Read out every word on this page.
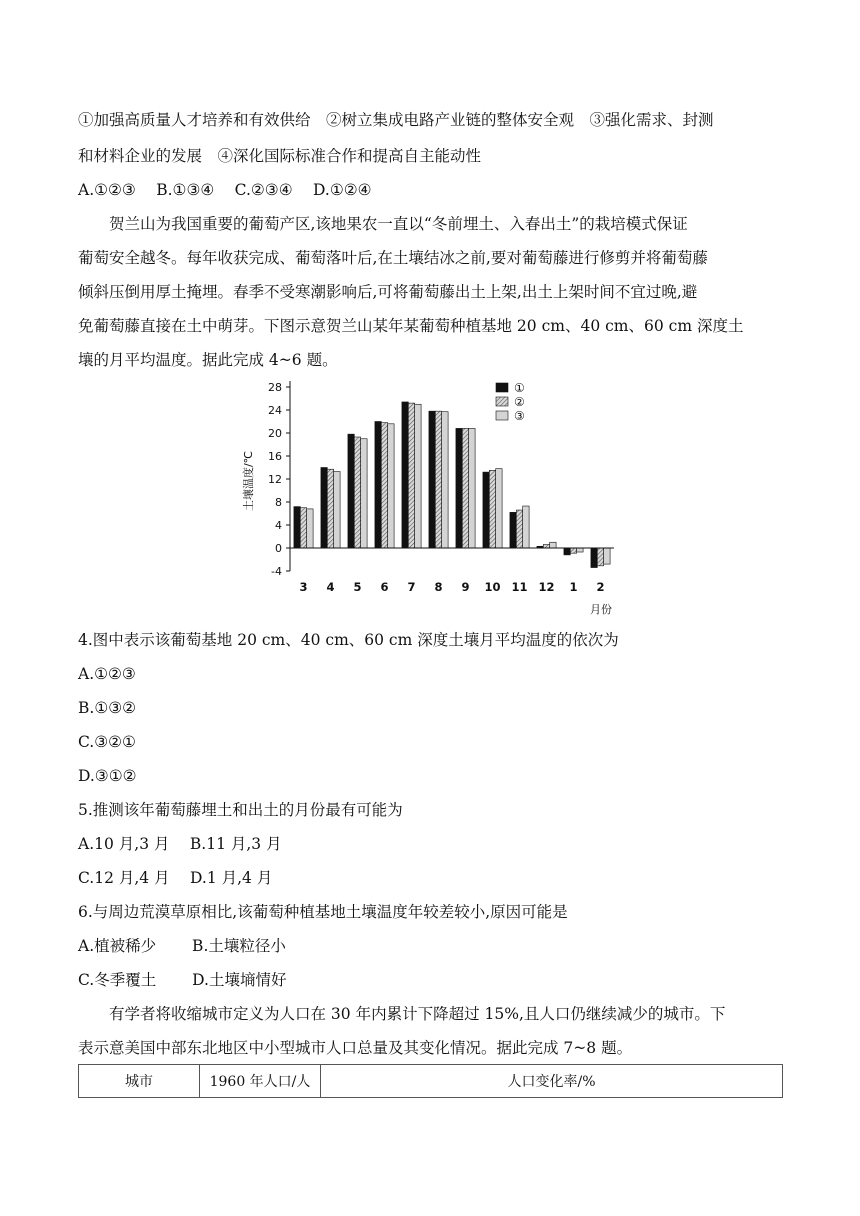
①加强高质量人才培养和有效供给　②树立集成电路产业链的整体安全观　③强化需求、封测
和材料企业的发展　④深化国际标准合作和提高自主能动性
A.①②③　 B.①③④　 C.②③④　 D.①②④
贺兰山为我国重要的葡萄产区,该地果农一直以“冬前埋土、入春出土”的栽培模式保证
葡萄安全越冬。每年收获完成、葡萄落叶后,在土壤结冰之前,要对葡萄藤进行修剪并将葡萄藤
倾斜压倒用厚土掩埋。春季不受寒潮影响后,可将葡萄藤出土上架,出土上架时间不宜过晚,避
免葡萄藤直接在土中萌芽。下图示意贺兰山某年某葡萄种植基地 20 cm、40 cm、60 cm 深度土
壤的月平均温度。据此完成 4~6 题。
28
24
20
16
12
8
4
0
-4
3 4 5 6 7 8 9 10 11 12 1 2
土壤温度/℃
月份
①
②
③
4.图中表示该葡萄基地 20 cm、40 cm、60 cm 深度土壤月平均温度的依次为
A.①②③
B.①③②
C.③②①
D.③①②
5.推测该年葡萄藤埋土和出土的月份最有可能为
A.10 月,3 月　 B.11 月,3 月
C.12 月,4 月　 D.1 月,4 月
6.与周边荒漠草原相比,该葡萄种植基地土壤温度年较差较小,原因可能是
A.植被稀少　　 B.土壤粒径小
C.冬季覆土　　 D.土壤墒情好
有学者将收缩城市定义为人口在 30 年内累计下降超过 15%,且人口仍继续减少的城市。下
表示意美国中部东北地区中小型城市人口总量及其变化情况。据此完成 7~8 题。
城市	1960 年人口/人	人口变化率/%
